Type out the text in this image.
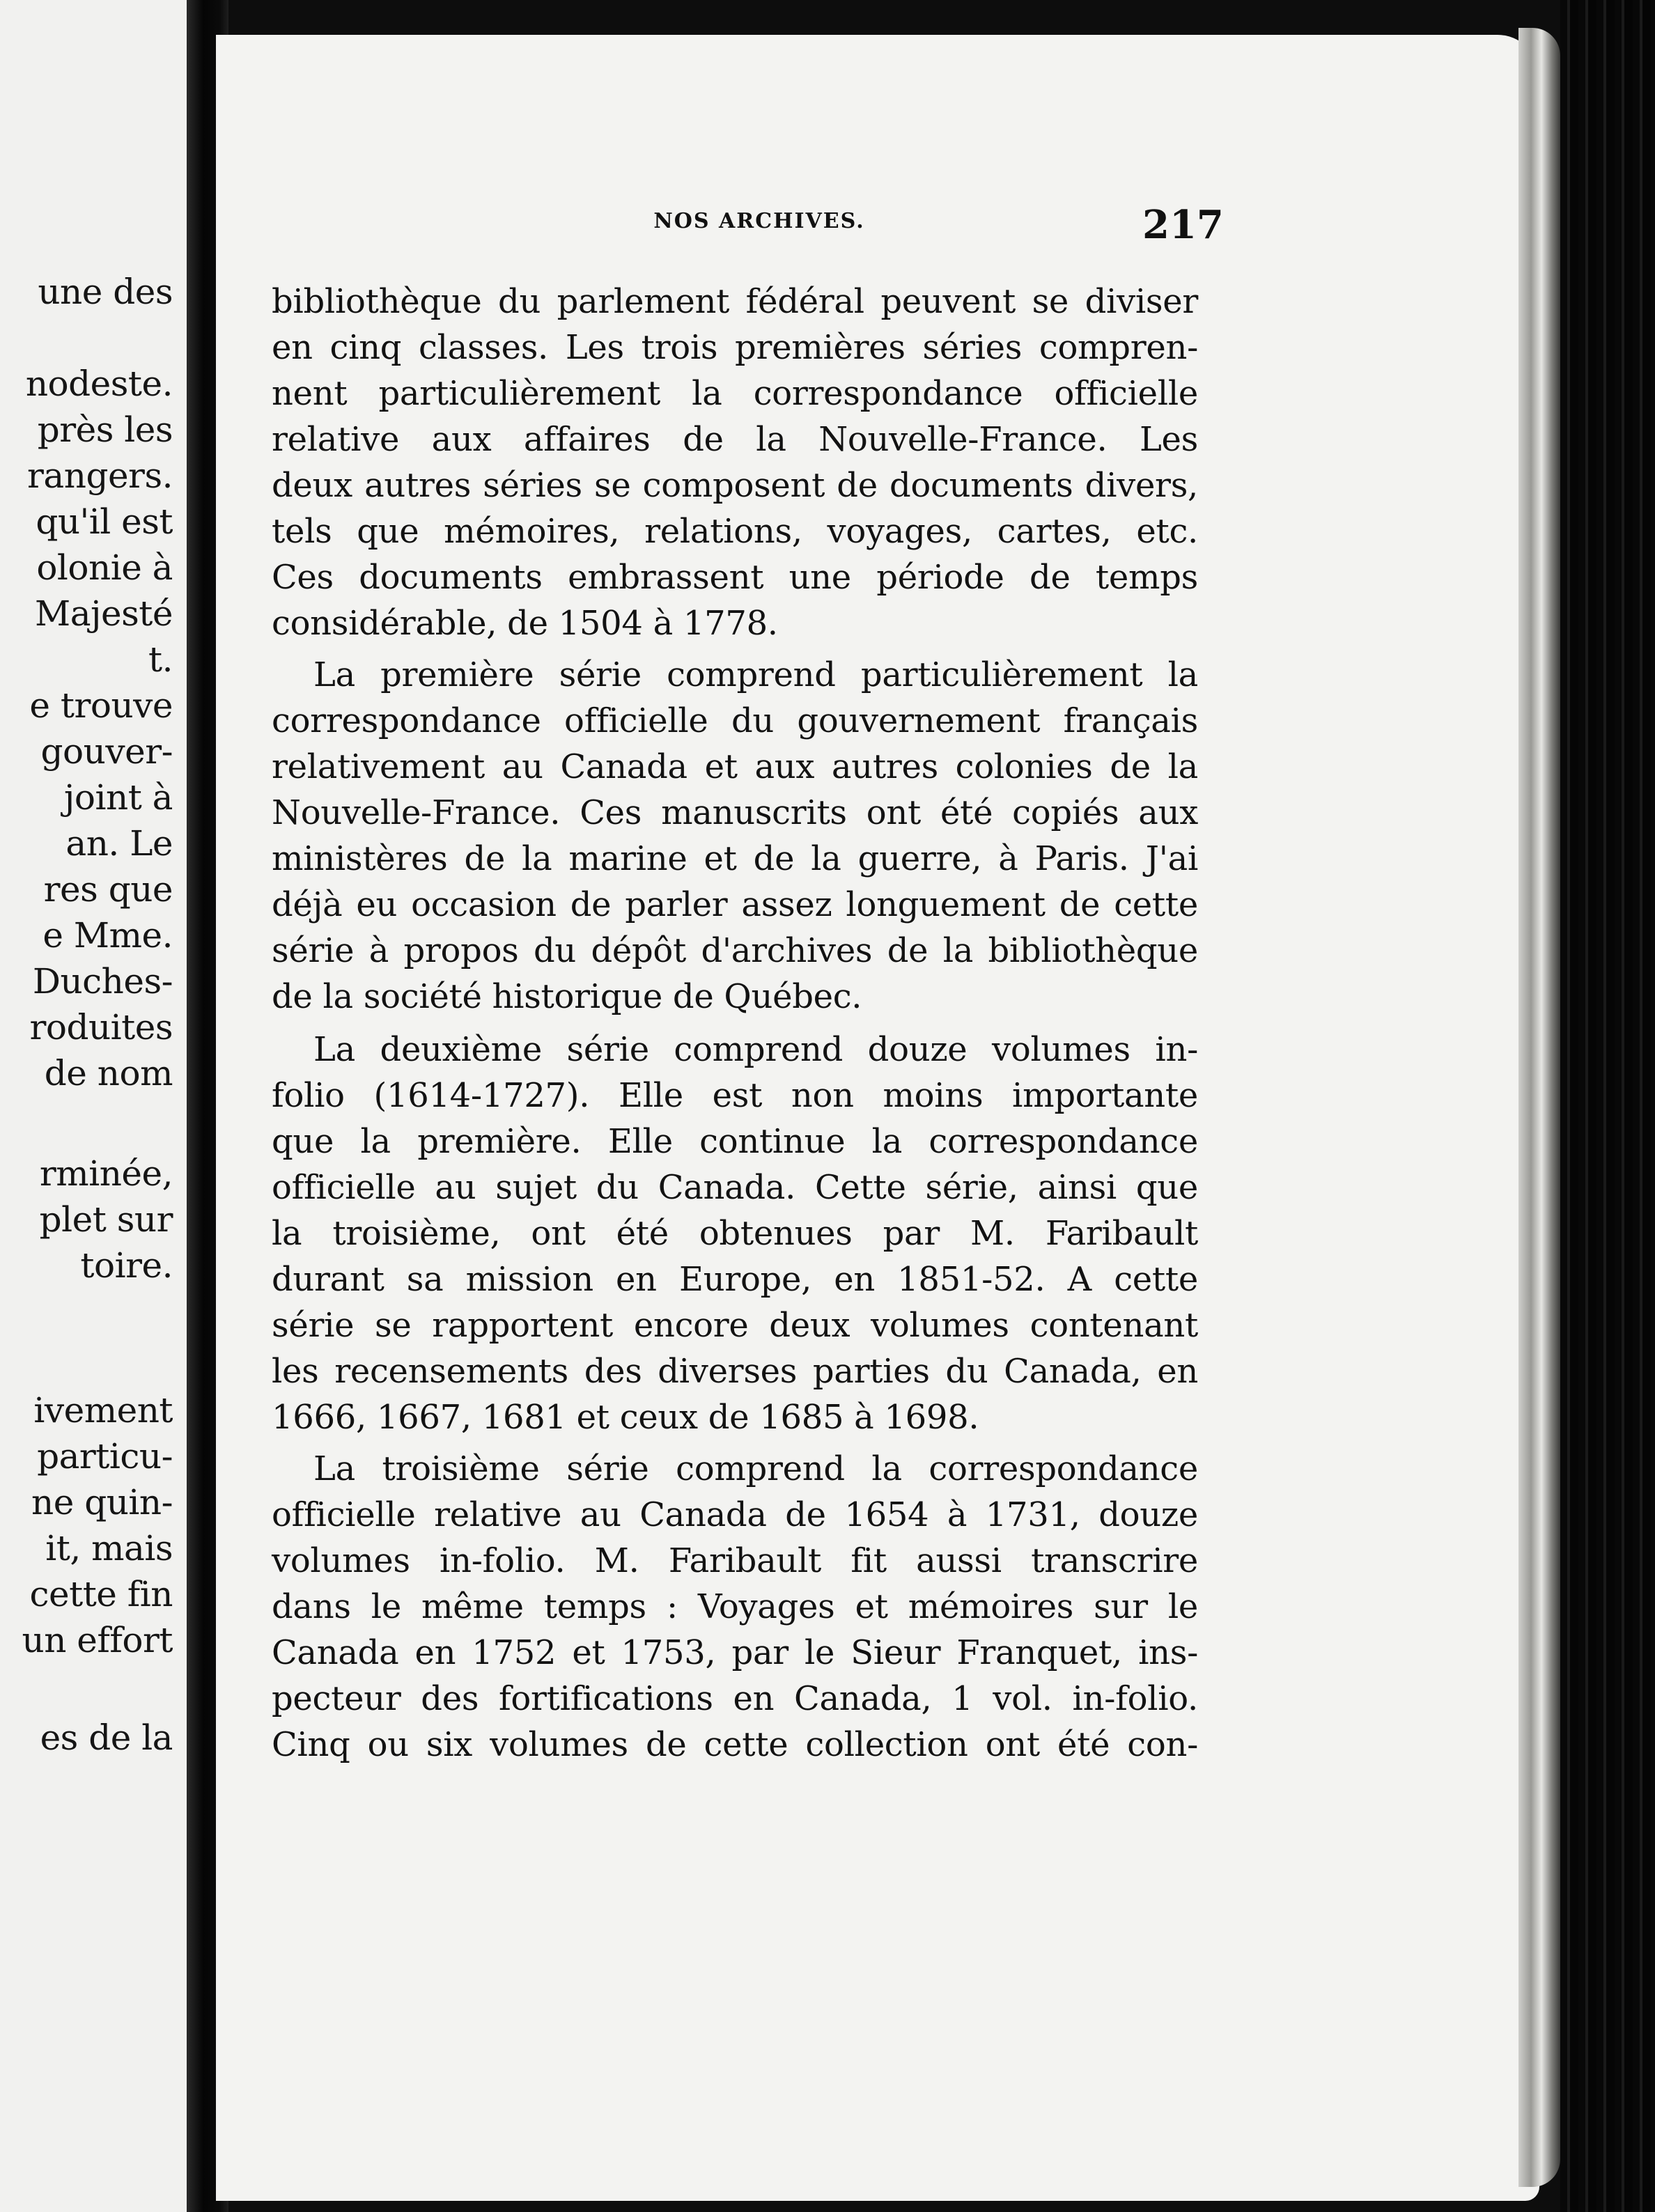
une des
nodeste.
près les
rangers.
qu'il est
olonie à
Majesté
t.
e trouve
gouver-
joint à
an. Le
res que
e Mme.
Duches-
roduites
de nom
rminée,
plet sur
toire.
ivement
particu-
ne quin-
it, mais
cette fin
un effort
es de la
NOS ARCHIVES.	217
bibliothèque du parlement fédéral peuvent se diviser
en cinq classes. Les trois premières séries compren-
nent particulièrement la correspondance officielle
relative aux affaires de la Nouvelle-France. Les
deux autres séries se composent de documents divers,
tels que mémoires, relations, voyages, cartes, etc.
Ces documents embrassent une période de temps
considérable, de 1504 à 1778.
La première série comprend particulièrement la
correspondance officielle du gouvernement français
relativement au Canada et aux autres colonies de la
Nouvelle-France. Ces manuscrits ont été copiés aux
ministères de la marine et de la guerre, à Paris. J'ai
déjà eu occasion de parler assez longuement de cette
série à propos du dépôt d'archives de la bibliothèque
de la société historique de Québec.
La deuxième série comprend douze volumes in-
folio (1614-1727). Elle est non moins importante
que la première. Elle continue la correspondance
officielle au sujet du Canada. Cette série, ainsi que
la troisième, ont été obtenues par M. Faribault
durant sa mission en Europe, en 1851-52. A cette
série se rapportent encore deux volumes contenant
les recensements des diverses parties du Canada, en
1666, 1667, 1681 et ceux de 1685 à 1698.
La troisième série comprend la correspondance
officielle relative au Canada de 1654 à 1731, douze
volumes in-folio. M. Faribault fit aussi transcrire
dans le même temps : Voyages et mémoires sur le
Canada en 1752 et 1753, par le Sieur Franquet, ins-
pecteur des fortifications en Canada, 1 vol. in-folio.
Cinq ou six volumes de cette collection ont été con-
